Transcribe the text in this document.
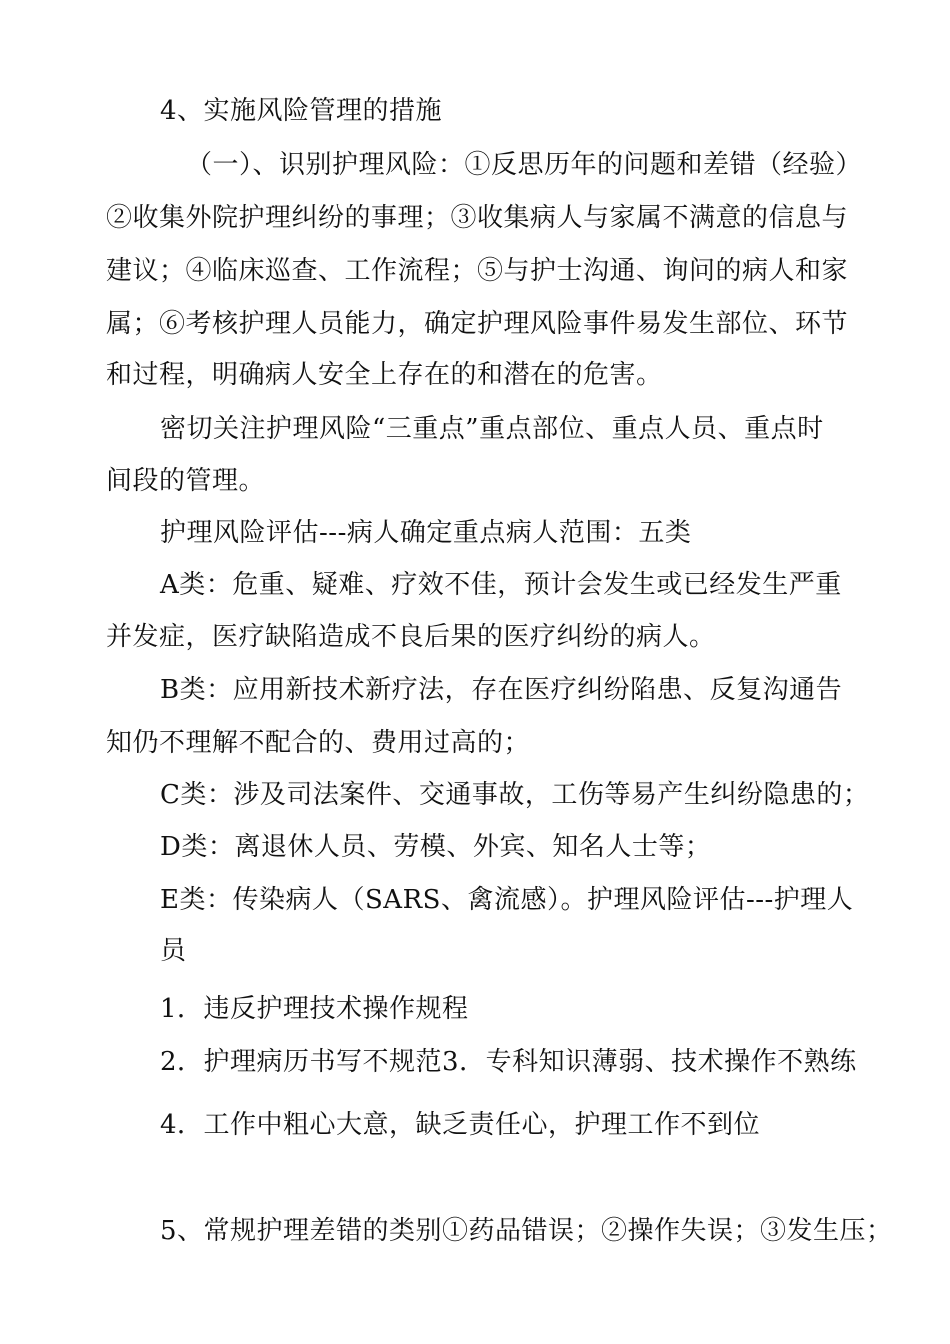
4、实施风险管理的措施
（一）、识别护理风险：①反思历年的问题和差错（经验）
②收集外院护理纠纷的事理；③收集病人与家属不满意的信息与
建议；④临床巡查、工作流程；⑤与护士沟通、询问的病人和家
属；⑥考核护理人员能力，确定护理风险事件易发生部位、环节
和过程，明确病人安全上存在的和潜在的危害。
密切关注护理风险“三重点”重点部位、重点人员、重点时
间段的管理。
护理风险评估---病人确定重点病人范围：五类
A类：危重、疑难、疗效不佳，预计会发生或已经发生严重
并发症，医疗缺陷造成不良后果的医疗纠纷的病人。
B类：应用新技术新疗法，存在医疗纠纷陷患、反复沟通告
知仍不理解不配合的、费用过高的；
C类：涉及司法案件、交通事故，工伤等易产生纠纷隐患的；
D类：离退休人员、劳模、外宾、知名人士等；
E类：传染病人（SARS、禽流感）。护理风险评估---护理人
员
1．违反护理技术操作规程
2．护理病历书写不规范3．专科知识薄弱、技术操作不熟练
4．工作中粗心大意，缺乏责任心，护理工作不到位
5、常规护理差错的类别①药品错误；②操作失误；③发生压；
